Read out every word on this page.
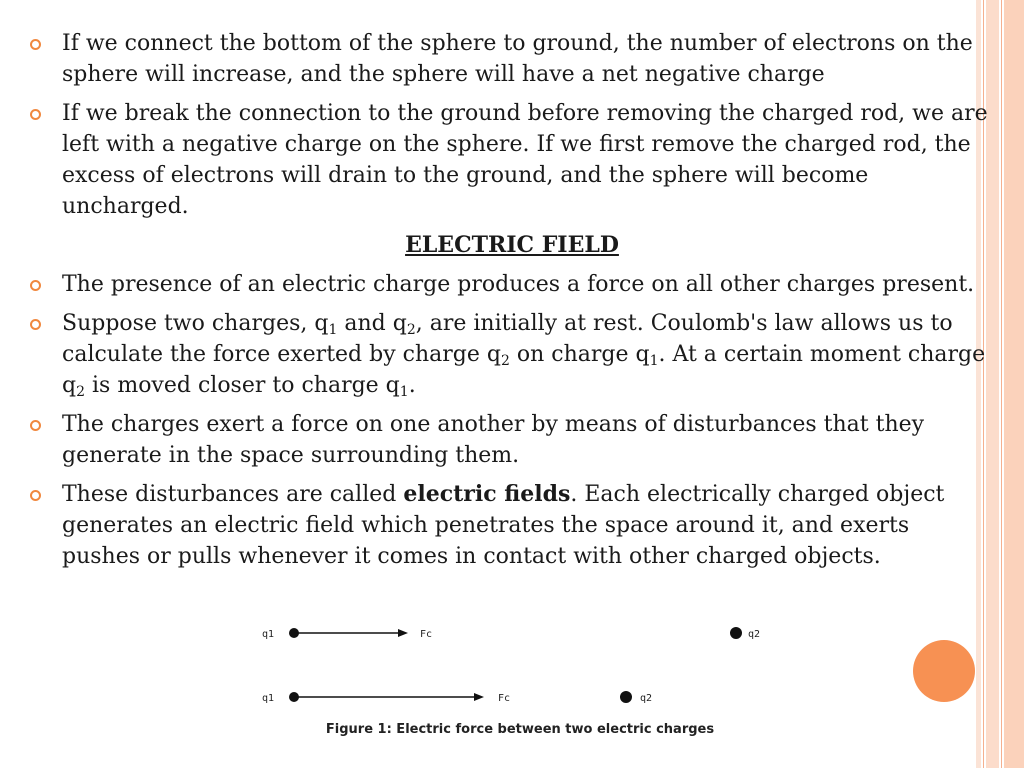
If we connect the bottom of the sphere to ground, the number of electrons on the sphere will increase, and the sphere will have a net negative charge
If we break the connection to the ground before removing the charged rod, we are left with a negative charge on the sphere. If we first remove the charged rod, the excess of electrons will drain to the ground, and the sphere will become uncharged.
ELECTRIC FIELD
The presence of an electric charge produces a force on all other charges present.
Suppose two charges, $q_1$ and $q_2$, are initially at rest. Coulomb's law allows us to calculate the force exerted by charge $q_2$ on charge $q_1$. At a certain moment charge $q_2$ is moved closer to charge $q_1$.
The charges exert a force on one another by means of disturbances that they generate in the space surrounding them.
These disturbances are called electric fields. Each electrically charged object generates an electric field which penetrates the space around it, and exerts pushes or pulls whenever it comes in contact with other charged objects.
q1	Fc	q2
q1	Fc	q2
Figure 1: Electric force between two electric charges
